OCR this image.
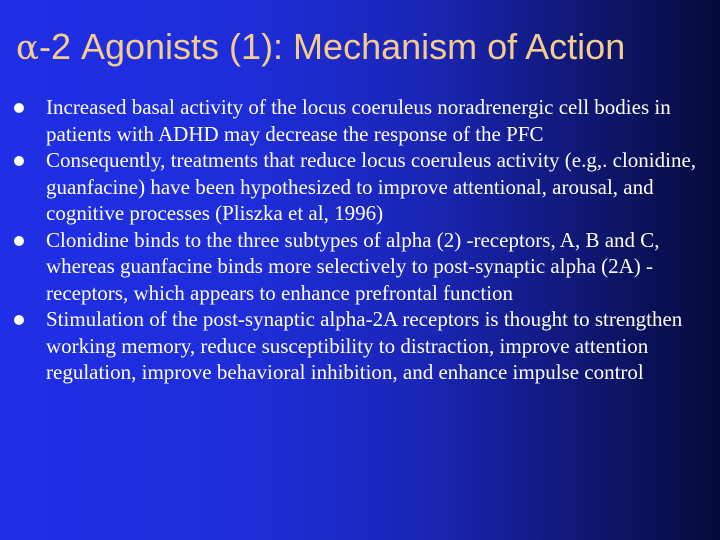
α-2 Agonists (1): Mechanism of Action
Increased basal activity of the locus coeruleus noradrenergic cell bodies in patients with ADHD may decrease the response of the PFC
Consequently, treatments that reduce locus coeruleus activity (e.g,. clonidine, guanfacine) have been hypothesized to improve attentional, arousal, and cognitive processes (Pliszka et al, 1996)
Clonidine binds to the three subtypes of alpha (2) -receptors, A, B and C, whereas guanfacine binds more selectively to post-synaptic alpha (2A) - receptors, which appears to enhance prefrontal function
Stimulation of the post-synaptic alpha-2A receptors is thought to strengthen working memory, reduce susceptibility to distraction, improve attention regulation, improve behavioral inhibition, and enhance impulse control
